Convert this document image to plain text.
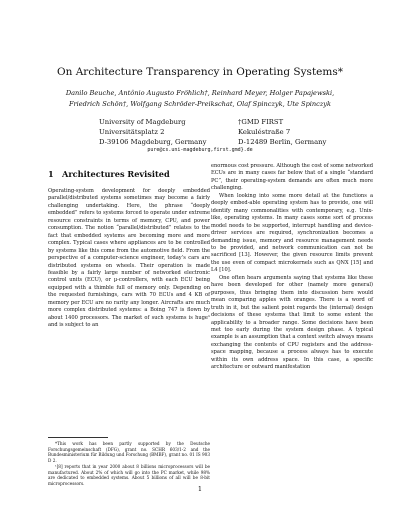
On Architecture Transparency in Operating Systems*
Danilo Beuche, Antônio Augusto Fröhlich†, Reinhard Meyer, Holger Papajewski,
Friedrich Schön†, Wolfgang Schröder-Preikschat, Olaf Spinczyk, Ute Spinczyk
University of Magdeburg
Universitätsplatz 2
D-39106 Magdeburg, Germany
†GMD FIRST
Kekuléstraße 7
D-12489 Berlin, Germany
pure@cs.uni-magdeburg,first.gmd}.de
1 Architectures Revisited

Operating-system development for deeply embedded parallel/distributed systems sometimes may become a fairly challenging undertaking. Here, the phrase “deeply embedded” refers to systems forced to operate under extreme resource constraints in terms of memory, CPU, and power consumption. The notion “parallel/distributed” relates to the fact that embedded systems are becoming more and more complex. Typical cases where appliances are to be controlled by systems like this come from the automotive field. From the perspective of a computer-science engineer, today’s cars are distributed systems on wheels. Their operation is made feasible by a fairly large number of networked electronic control units (ECU), or µ-controllers, with each ECU being equipped with a thimble full of memory only. Depending on the requested furnishings, cars with 70 ECUs and 4 KB of memory per ECU are no rarity any longer. Aircrafts are much more complex distributed systems: a Boing 747 is flown by about 1400 processors. The market of such systems is huge¹ and is subject to an

enormous cost pressure. Although the cost of some networked ECUs are in many cases far below that of a single “standard PC”, their operating-system demands are often much more challenging.

When looking into some more detail at the functions a deeply embed-able operating system has to provide, one will identify many commonalities with contemporary, e.g. Unix-like, operating systems. In many cases some sort of process model needs to be supported, interrupt handling and device-driver services are required, synchronization becomes a demanding issue, memory and resource management needs to be provided, and network communication can not be sacrificed [13]. However, the given resource limits prevent the use even of compact microkernels such as QNX [15] and L4 [10].

One often hears arguments saying that systems like these have been developed for other (namely more general) purposes, thus bringing them into discussion here would mean comparing apples with oranges. There is a word of truth in it, but the salient point regards the (internal) design decisions of these systems that limit to some extent the applicability to a broader range. Some decisions have been met too early during the system design phase. A typical example is an assumption that a context switch always means exchanging the contents of CPU registers and the address-space mapping, because a process always has to execute within its own address space. In this case, a specific architecture or outward manifestation

*This work has been partly supported by the Deutsche Forschungsgemeinschaft (DFG), grant no. SCHR 603/1-2 and the Bundesministerium für Bildung und Forschung (BMBF), grant no. 01 IS 903 D 2.

¹[8] reports that in year 2000 about 8 billions microprocessors will be manufactured. About 2% of which will go into the PC market, while 98% are dedicated to embedded systems. About 5 billions of all will be 8-bit microprocessors.

1
